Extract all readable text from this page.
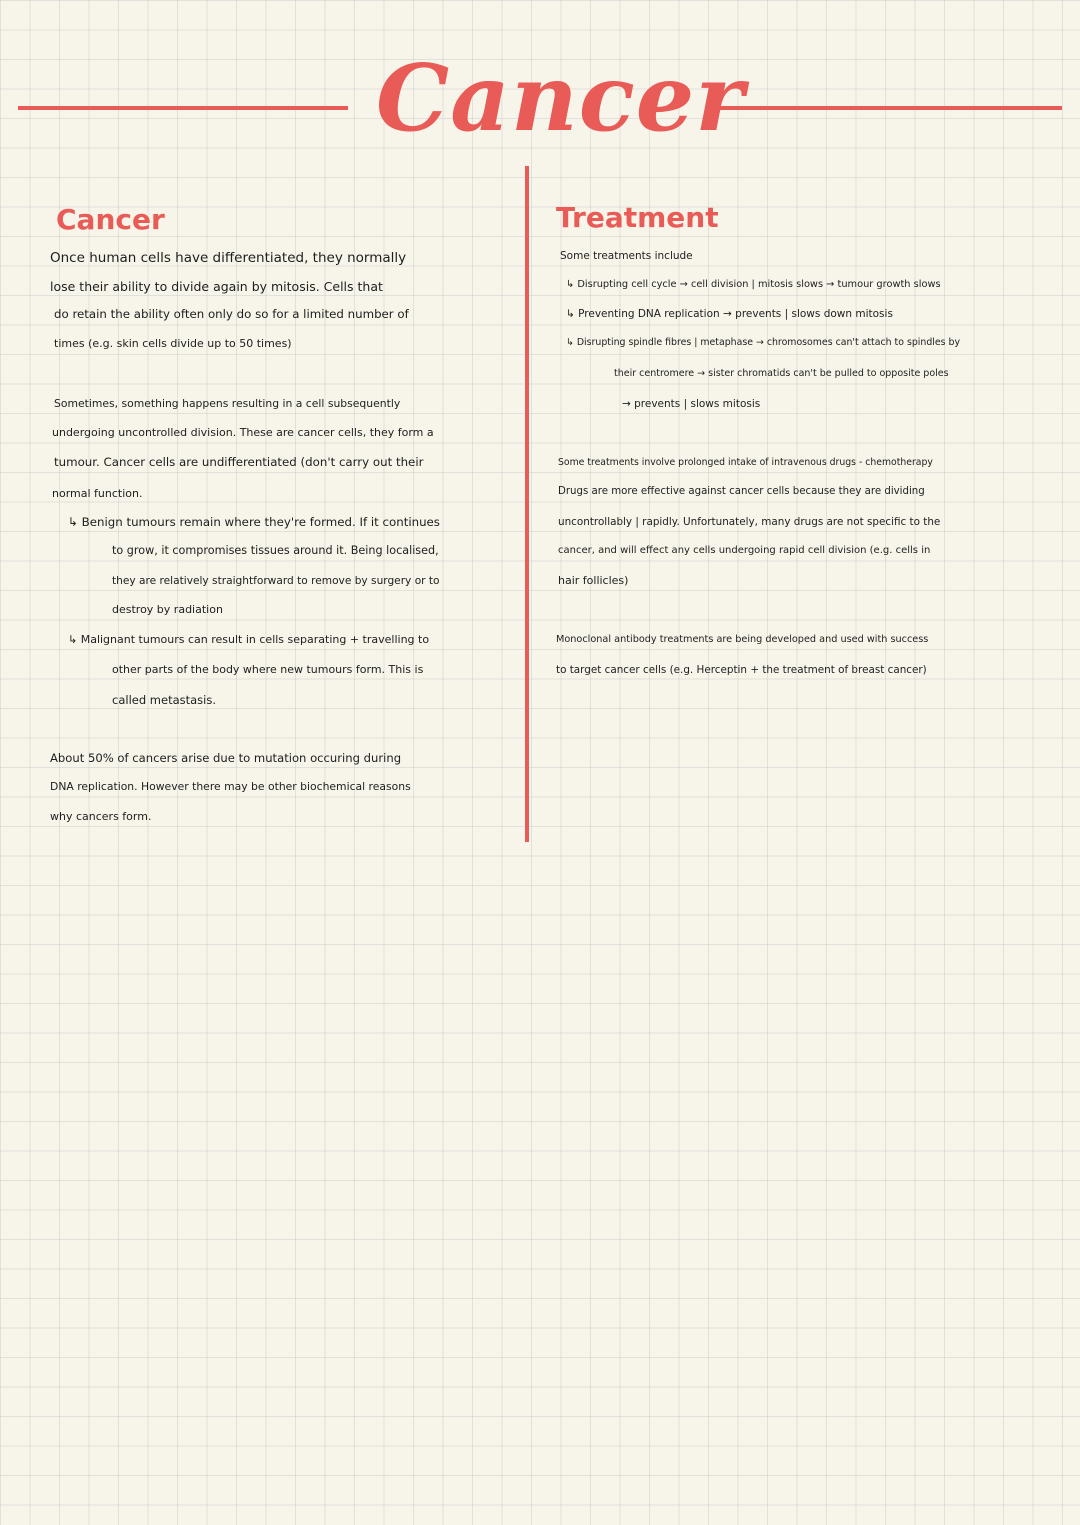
Cancer
Cancer
Once human cells have differentiated, they normally
lose their ability to divide again by mitosis. Cells that
do retain the ability often only do so for a limited number of
times (e.g. skin cells divide up to 50 times)
Sometimes, something happens resulting in a cell subsequently
undergoing uncontrolled division. These are cancer cells, they form a
tumour. Cancer cells are undifferentiated (don't carry out their
normal function.
↳ Benign tumours remain where they're formed. If it continues
to grow, it compromises tissues around it. Being localised,
they are relatively straightforward to remove by surgery or to
destroy by radiation
↳ Malignant tumours can result in cells separating + travelling to
other parts of the body where new tumours form. This is
called metastasis.
About 50% of cancers arise due to mutation occuring during
DNA replication. However there may be other biochemical reasons
why cancers form.
Treatment
Some treatments include
↳ Disrupting cell cycle → cell division | mitosis slows → tumour growth slows
↳ Preventing DNA replication → prevents | slows down mitosis
↳ Disrupting spindle fibres | metaphase → chromosomes can't attach to spindles by
their centromere → sister chromatids can't be pulled to opposite poles
→ prevents | slows mitosis
Some treatments involve prolonged intake of intravenous drugs - chemotherapy
Drugs are more effective against cancer cells because they are dividing
uncontrollably | rapidly. Unfortunately, many drugs are not specific to the
cancer, and will effect any cells undergoing rapid cell division (e.g. cells in
hair follicles)
Monoclonal antibody treatments are being developed and used with success
to target cancer cells (e.g. Herceptin + the treatment of breast cancer)
